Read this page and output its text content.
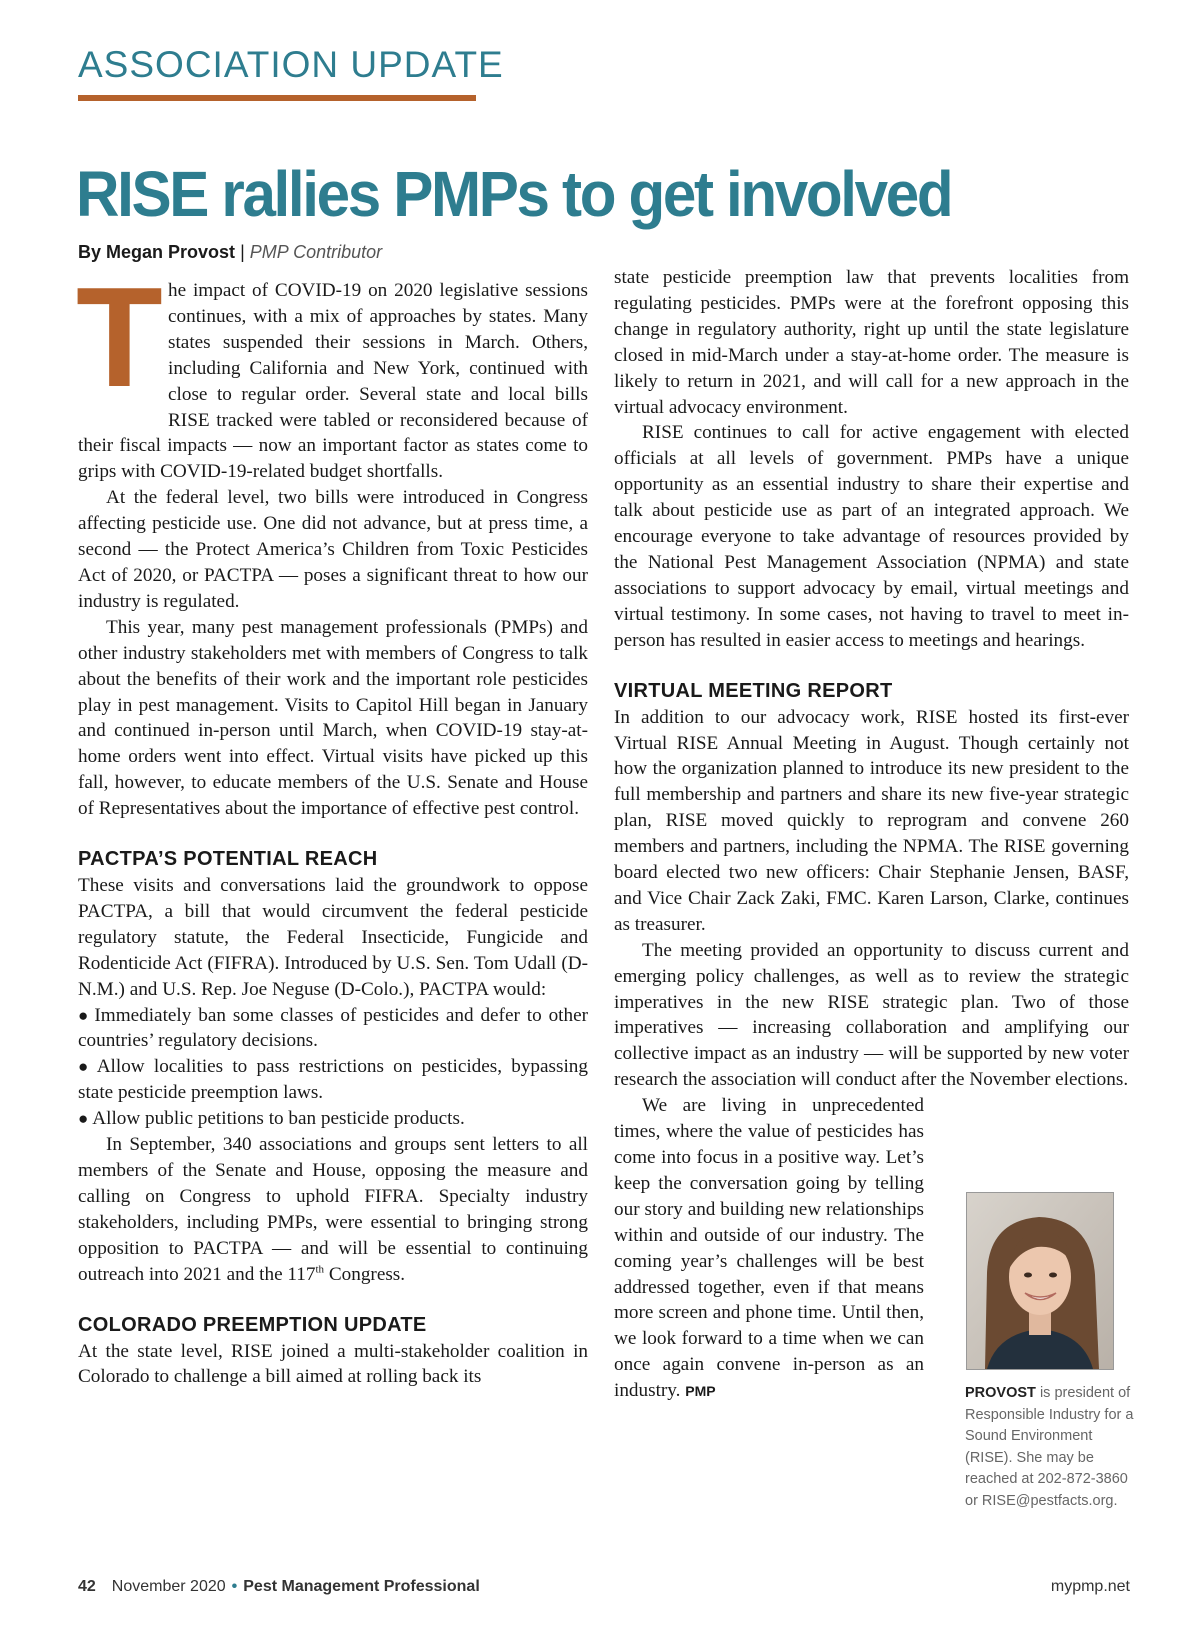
ASSOCIATION UPDATE
RISE rallies PMPs to get involved
By Megan Provost | PMP Contributor
T he impact of COVID-19 on 2020 legislative sessions continues, with a mix of approaches by states. Many states suspended their sessions in March. Others, including California and New York, continued with close to regular order. Several state and local bills RISE tracked were tabled or reconsidered because of their fiscal impacts — now an important factor as states come to grips with COVID-19-related budget shortfalls.

At the federal level, two bills were introduced in Congress affecting pesticide use. One did not advance, but at press time, a second — the Protect America’s Children from Toxic Pesticides Act of 2020, or PACTPA — poses a significant threat to how our industry is regulated.

This year, many pest management professionals (PMPs) and other industry stakeholders met with members of Congress to talk about the benefits of their work and the important role pesticides play in pest management. Visits to Capitol Hill began in January and continued in-person until March, when COVID-19 stay-at-home orders went into effect. Virtual visits have picked up this fall, however, to educate members of the U.S. Senate and House of Representatives about the importance of effective pest control.

PACTPA’S POTENTIAL REACH

These visits and conversations laid the groundwork to oppose PACTPA, a bill that would circumvent the federal pesticide regulatory statute, the Federal Insecticide, Fungicide and Rodenticide Act (FIFRA). Introduced by U.S. Sen. Tom Udall (D-N.M.) and U.S. Rep. Joe Neguse (D-Colo.), PACTPA would:

● Immediately ban some classes of pesticides and defer to other countries’ regulatory decisions.
● Allow localities to pass restrictions on pesticides, bypassing state pesticide preemption laws.
● Allow public petitions to ban pesticide products.

In September, 340 associations and groups sent letters to all members of the Senate and House, opposing the measure and calling on Congress to uphold FIFRA. Specialty industry stakeholders, including PMPs, were essential to bringing strong opposition to PACTPA — and will be essential to continuing outreach into 2021 and the 117th Congress.

COLORADO PREEMPTION UPDATE

At the state level, RISE joined a multi-stakeholder coalition in Colorado to challenge a bill aimed at rolling back its

state pesticide preemption law that prevents localities from regulating pesticides. PMPs were at the forefront opposing this change in regulatory authority, right up until the state legislature closed in mid-March under a stay-at-home order. The measure is likely to return in 2021, and will call for a new approach in the virtual advocacy environment.

RISE continues to call for active engagement with elected officials at all levels of government. PMPs have a unique opportunity as an essential industry to share their expertise and talk about pesticide use as part of an integrated approach. We encourage everyone to take advantage of resources provided by the National Pest Management Association (NPMA) and state associations to support advocacy by email, virtual meetings and virtual testimony. In some cases, not having to travel to meet in-person has resulted in easier access to meetings and hearings.

VIRTUAL MEETING REPORT

In addition to our advocacy work, RISE hosted its first-ever Virtual RISE Annual Meeting in August. Though certainly not how the organization planned to introduce its new president to the full membership and partners and share its new five-year strategic plan, RISE moved quickly to reprogram and convene 260 members and partners, including the NPMA. The RISE governing board elected two new officers: Chair Stephanie Jensen, BASF, and Vice Chair Zack Zaki, FMC. Karen Larson, Clarke, continues as treasurer.

The meeting provided an opportunity to discuss current and emerging policy challenges, as well as to review the strategic imperatives in the new RISE strategic plan. Two of those imperatives — increasing collaboration and amplifying our collective impact as an industry — will be supported by new voter research the association will conduct after the November elections.

We are living in unprecedented times, where the value of pesticides has come into focus in a positive way. Let’s keep the conversation going by telling our story and building new relationships within and outside of our industry. The coming year’s challenges will be best addressed together, even if that means more screen and phone time. Until then, we look forward to a time when we can once again convene in-person as an industry. PMP	PROVOST is president of Responsible Industry for a Sound Environment (RISE). She may be reached at 202-872-3860 or RISE@pestfacts.org.
42 November 2020 • Pest Management Professional	mypmp.net
